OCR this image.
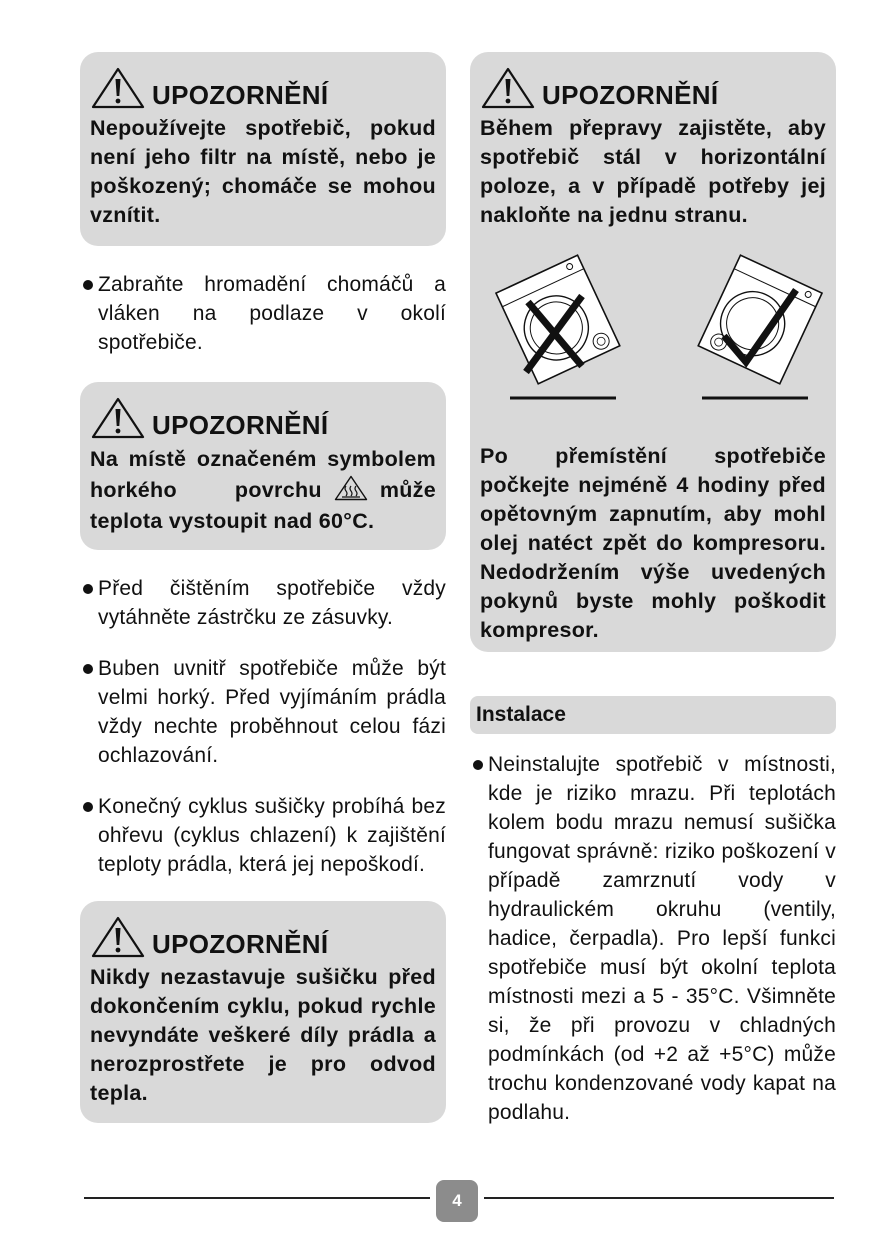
UPOZORNĚNÍ

Nepoužívejte spotřebič, pokud není jeho filtr na místě, nebo je poškozený; chomáče se mohou vznítit.

Zabraňte hromadění chomáčů a vláken na podlaze v okolí spotřebiče.

UPOZORNĚNÍ

Na místě označeném symbolem horkého povrchu	může teplota vystoupit nad 60°C.

Před čištěním spotřebiče vždy vytáhněte zástrčku ze zásuvky.

Buben uvnitř spotřebiče může být velmi horký. Před vyjímáním prádla vždy nechte proběhnout celou fázi ochlazování.

Konečný cyklus sušičky probíhá bez ohřevu (cyklus chlazení) k zajištění teploty prádla, která jej nepoškodí.

UPOZORNĚNÍ

Nikdy nezastavuje sušičku před dokončením cyklu, pokud rychle nevyndáte veškeré díly prádla a nerozprostřete je pro odvod tepla.

UPOZORNĚNÍ

Během přepravy zajistěte, aby spotřebič stál v horizontální poloze, a v případě potřeby jej nakloňte na jednu stranu.

Po přemístění spotřebiče počkejte nejméně 4 hodiny před opětovným zapnutím, aby mohl olej natéct zpět do kompresoru. Nedodržením výše uvedených pokynů byste mohly poškodit kompresor.

Instalace

Neinstalujte spotřebič v místnosti, kde je riziko mrazu. Při teplotách kolem bodu mrazu nemusí sušička fungovat správně: riziko poškození v případě zamrznutí vody v hydraulickém okruhu (ventily, hadice, čerpadla). Pro lepší funkci spotřebiče musí být okolní teplota místnosti mezi a 5 - 35°C. Všimněte si, že při provozu v chladných podmínkách (od +2 až +5°C) může trochu kondenzované vody kapat na podlahu.

4
